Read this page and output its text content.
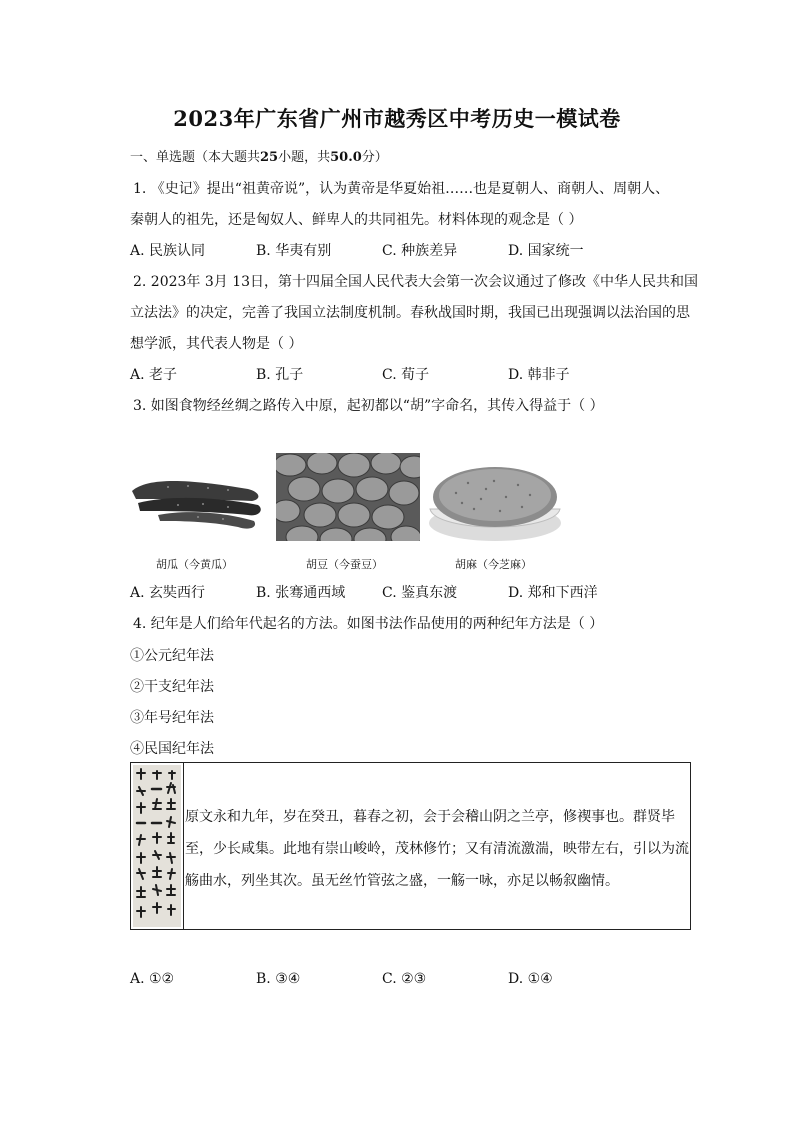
2023年广东省广州市越秀区中考历史一模试卷
一、单选题（本大题共25小题，共50.0分）
1. 《史记》提出“祖黄帝说”，认为黄帝是华夏始祖……也是夏朝人、商朝人、周朝人、
秦朝人的祖先，还是匈奴人、鲜卑人的共同祖先。材料体现的观念是（ ）
A. 民族认同	B. 华夷有别	C. 种族差异	D. 国家统一
2. 2023年 3月 13日，第十四届全国人民代表大会第一次会议通过了修改《中华人民共和国
立法法》的决定，完善了我国立法制度机制。春秋战国时期，我国已出现强调以法治国的思
想学派，其代表人物是（ ）
A. 老子	B. 孔子	C. 荀子	D. 韩非子
3. 如图食物经丝绸之路传入中原，起初都以“胡”字命名，其传入得益于（ ）
胡瓜（今黄瓜）	胡豆（今蚕豆）	胡麻（今芝麻）
A. 玄奘西行	B. 张骞通西域	C. 鉴真东渡	D. 郑和下西洋
4. 纪年是人们给年代起名的方法。如图书法作品使用的两种纪年方法是（ ）
①公元纪年法
②干支纪年法
③年号纪年法
④民国纪年法
原文永和九年，岁在癸丑，暮春之初，会于会稽山阴之兰亭，修禊事也。群贤毕至，少长咸集。此地有崇山峻岭，茂林修竹；又有清流激湍，映带左右，引以为流觞曲水，列坐其次。虽无丝竹管弦之盛，一觞一咏，亦足以畅叙幽情。
A. ①②	B. ③④	C. ②③	D. ①④
